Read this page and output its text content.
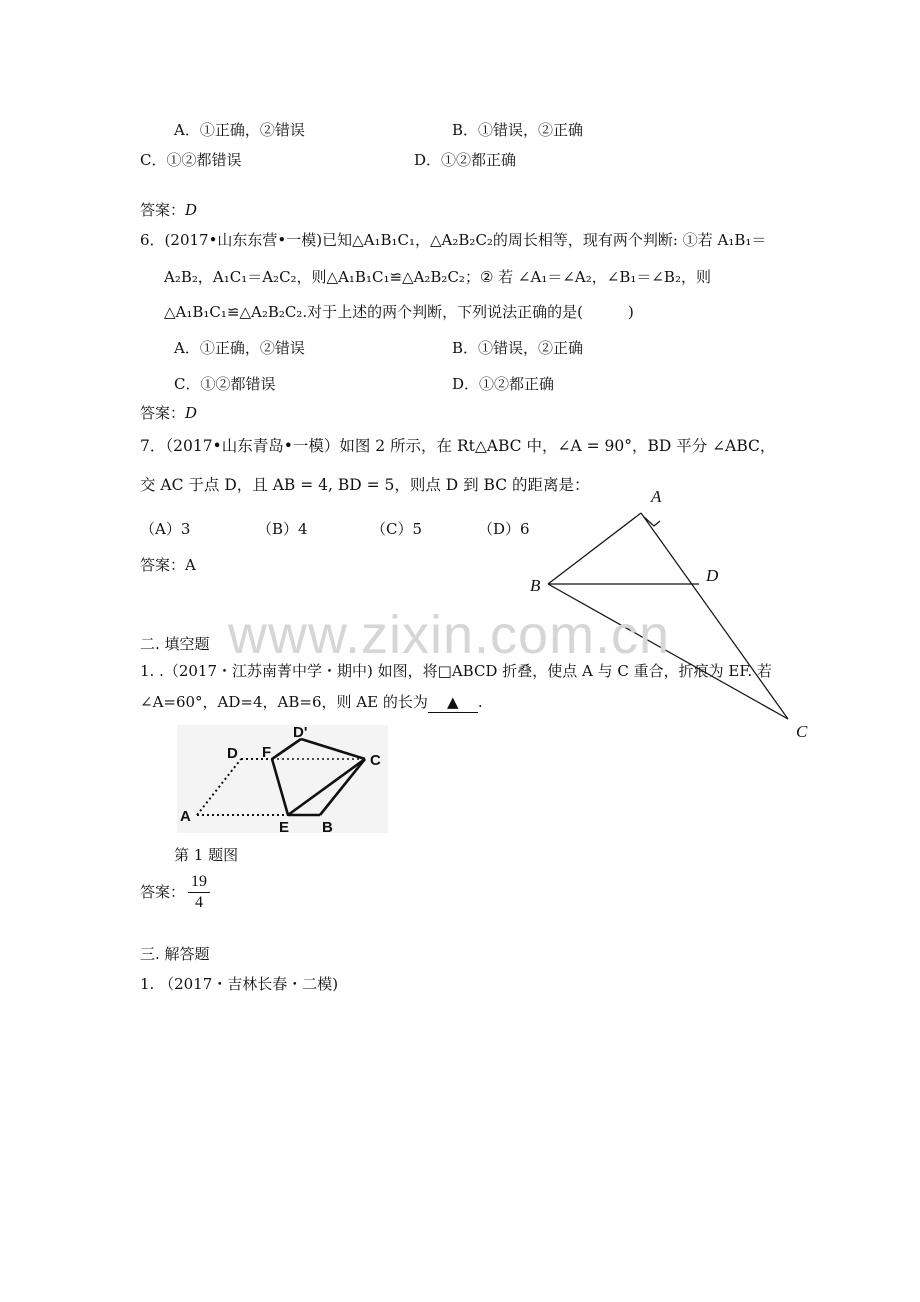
A．①正确，②错误	B．①错误，②正确
C．①②都错误	D．①②都正确
答案：D
6．(2017•山东东营•一模)已知△A₁B₁C₁，△A₂B₂C₂的周长相等，现有两个判断: ①若 A₁B₁＝
A₂B₂，A₁C₁＝A₂C₂，则△A₁B₁C₁≌△A₂B₂C₂；② 若 ∠A₁＝∠A₂，∠B₁＝∠B₂，则
△A₁B₁C₁≌△A₂B₂C₂.对于上述的两个判断，下列说法正确的是(　　　)
A．①正确，②错误	B．①错误，②正确
C．①②都错误	D．①②都正确
答案：D
7．（2017•山东青岛•一模）如图 2 所示，在 Rt△ABC 中，∠A = 90°，BD 平分 ∠ABC，
交 AC 于点 D，且 AB = 4, BD = 5，则点 D 到 BC 的距离是：
（A）3	（B）4	（C）5	（D）6
答案：A
A
B
D
C
www.zixin.com.cn
二. 填空题
1. .（2017・江苏南菁中学・期中) 如图，将□ABCD 折叠，使点 A 与 C 重合，折痕为 EF. 若
∠A=60°，AD=4，AB=6，则 AE 的长为 ▲ .
D F
D'
C
A
E B
第 1 题图
答案：
19
4
三. 解答题
1. （2017・吉林长春・二模)
